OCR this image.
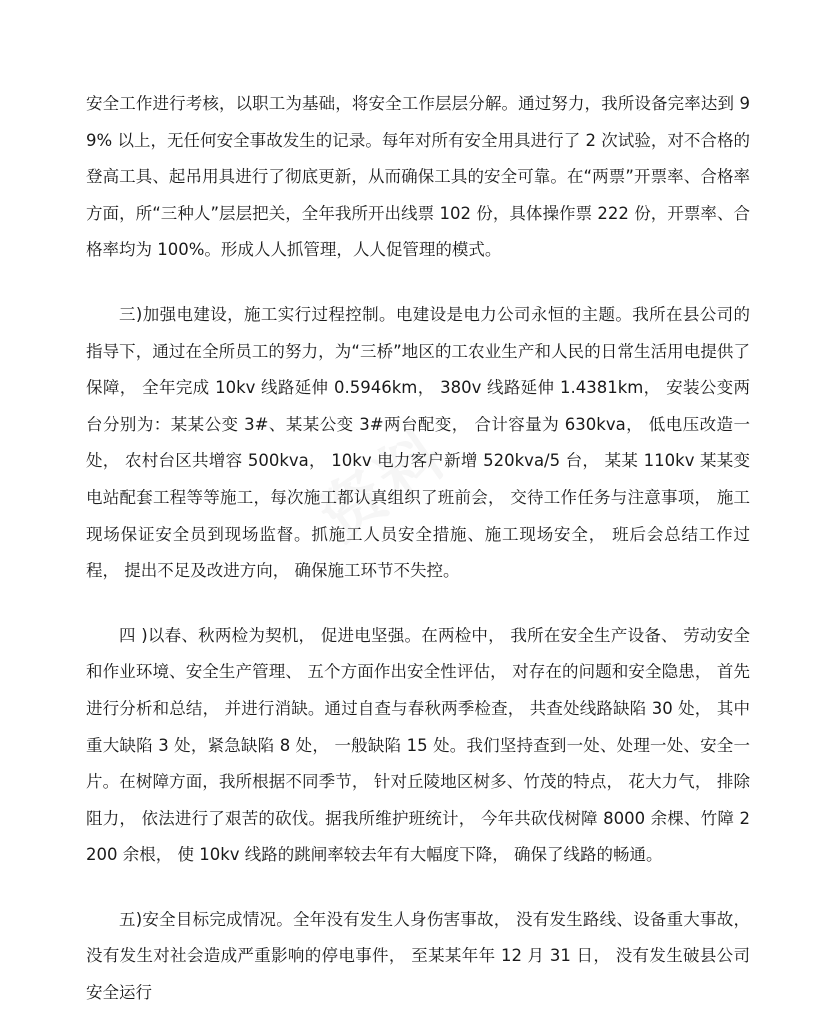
安全工作进行考核，以职工为基础，将安全工作层层分解。通过努力，我所设备完率达到 99% 以上，无任何安全事故发生的记录。每年对所有安全用具进行了 2 次试验，对不合格的登高工具、起吊用具进行了彻底更新，从而确保工具的安全可靠。在“两票”开票率、合格率方面，所“三种人”层层把关，全年我所开出线票 102 份，具体操作票 222 份，开票率、合格率均为 100%。形成人人抓管理，人人促管理的模式。

三)加强电建设，施工实行过程控制。电建设是电力公司永恒的主题。我所在县公司的指导下，通过在全所员工的努力，为“三桥”地区的工农业生产和人民的日常生活用电提供了保障， 全年完成 10kv 线路延伸 0.5946km， 380v 线路延伸 1.4381km， 安装公变两台分别为：某某公变 3#、某某公变 3#两台配变， 合计容量为 630kva， 低电压改造一处， 农村台区共增容 500kva， 10kv 电力客户新增 520kva/5 台， 某某 110kv 某某变电站配套工程等等施工，每次施工都认真组织了班前会， 交待工作任务与注意事项， 施工现场保证安全员到现场监督。抓施工人员安全措施、施工现场安全， 班后会总结工作过程， 提出不足及改进方向， 确保施工环节不失控。

四 )以春、秋两检为契机， 促进电坚强。在两检中， 我所在安全生产设备、 劳动安全和作业环境、安全生产管理、 五个方面作出安全性评估， 对存在的问题和安全隐患， 首先进行分析和总结， 并进行消缺。通过自查与春秋两季检查， 共查处线路缺陷 30 处， 其中重大缺陷 3 处，紧急缺陷 8 处， 一般缺陷 15 处。我们坚持查到一处、处理一处、安全一片。在树障方面，我所根据不同季节， 针对丘陵地区树多、竹茂的特点， 花大力气， 排除阻力， 依法进行了艰苦的砍伐。据我所维护班统计， 今年共砍伐树障 8000 余棵、竹障 2200 余根， 使 10kv 线路的跳闸率较去年有大幅度下降， 确保了线路的畅通。

五)安全目标完成情况。全年没有发生人身伤害事故， 没有发生路线、设备重大事故， 没有发生对社会造成严重影响的停电事件， 至某某年年 12 月 31 日， 没有发生破县公司安全运行
